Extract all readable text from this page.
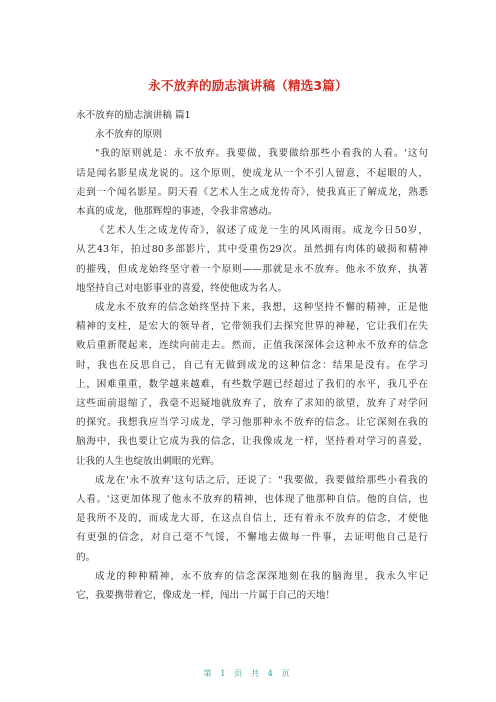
永不放弃的励志演讲稿（精选3篇）
永不放弃的励志演讲稿 篇1
永不放弃的原则
"我的原则就是：永不放弃。我要做，我要做给那些小看我的人看。'这句
话是闻名影星成龙说的。这个原则，使成龙从一个不引人留意，不起眼的人，
走到一个闻名影星。阴天看《艺术人生之成龙传奇》，使我真正了解成龙，熟悉
本真的成龙，他那辉煌的事迹，令我非常感动。
《艺术人生之成龙传奇》，叙述了成龙一生的风风雨雨。成龙今日50岁，
从艺43年，拍过80多部影片，其中受重伤29次。虽然拥有肉体的破损和精神
的摧残，但成龙始终坚守着一个原则——那就是永不放弃。他永不放弃，执著
地坚持自己对电影事业的喜爱，终使他成为名人。
成龙永不放弃的信念始终坚持下来，我想，这种坚持不懈的精神，正是他
精神的支柱，是宏大的领导者，它带领我们去探究世界的神秘，它让我们在失
败后重新爬起来，连续向前走去。然而，正值我深深体会这种永不放弃的信念
时，我也在反思自己，自己有无做到成龙的这种信念：结果是没有。在学习
上，困难重重，数学越来越难，有些数学题已经超过了我们的水平，我几乎在
这些面前退缩了，我毫不迟疑地就放弃了，放弃了求知的欲望，放弃了对学问
的探究。我想我应当学习成龙，学习他那种永不放弃的信念。让它深刻在我的
脑海中，我也要让它成为我的信念，让我像成龙一样，坚持着对学习的喜爱，
让我的人生也绽放出刺眼的光辉。
成龙在'永不放弃'这句话之后，还说了："我要做，我要做给那些小看我的
人看。'这更加体现了他永不放弃的精神，也体现了他那种自信。他的自信，也
是我所不及的，而成龙大哥，在这点自信上，还有着永不放弃的信念，才使他
有更强的信念，对自己毫不气馁，不懈地去做每一件事，去证明他自己是行
的。
成龙的种种精神，永不放弃的信念深深地刻在我的脑海里，我永久牢记
它，我要携带着它，像成龙一样，闯出一片属于自己的天地！
第 1 页 共 4 页
